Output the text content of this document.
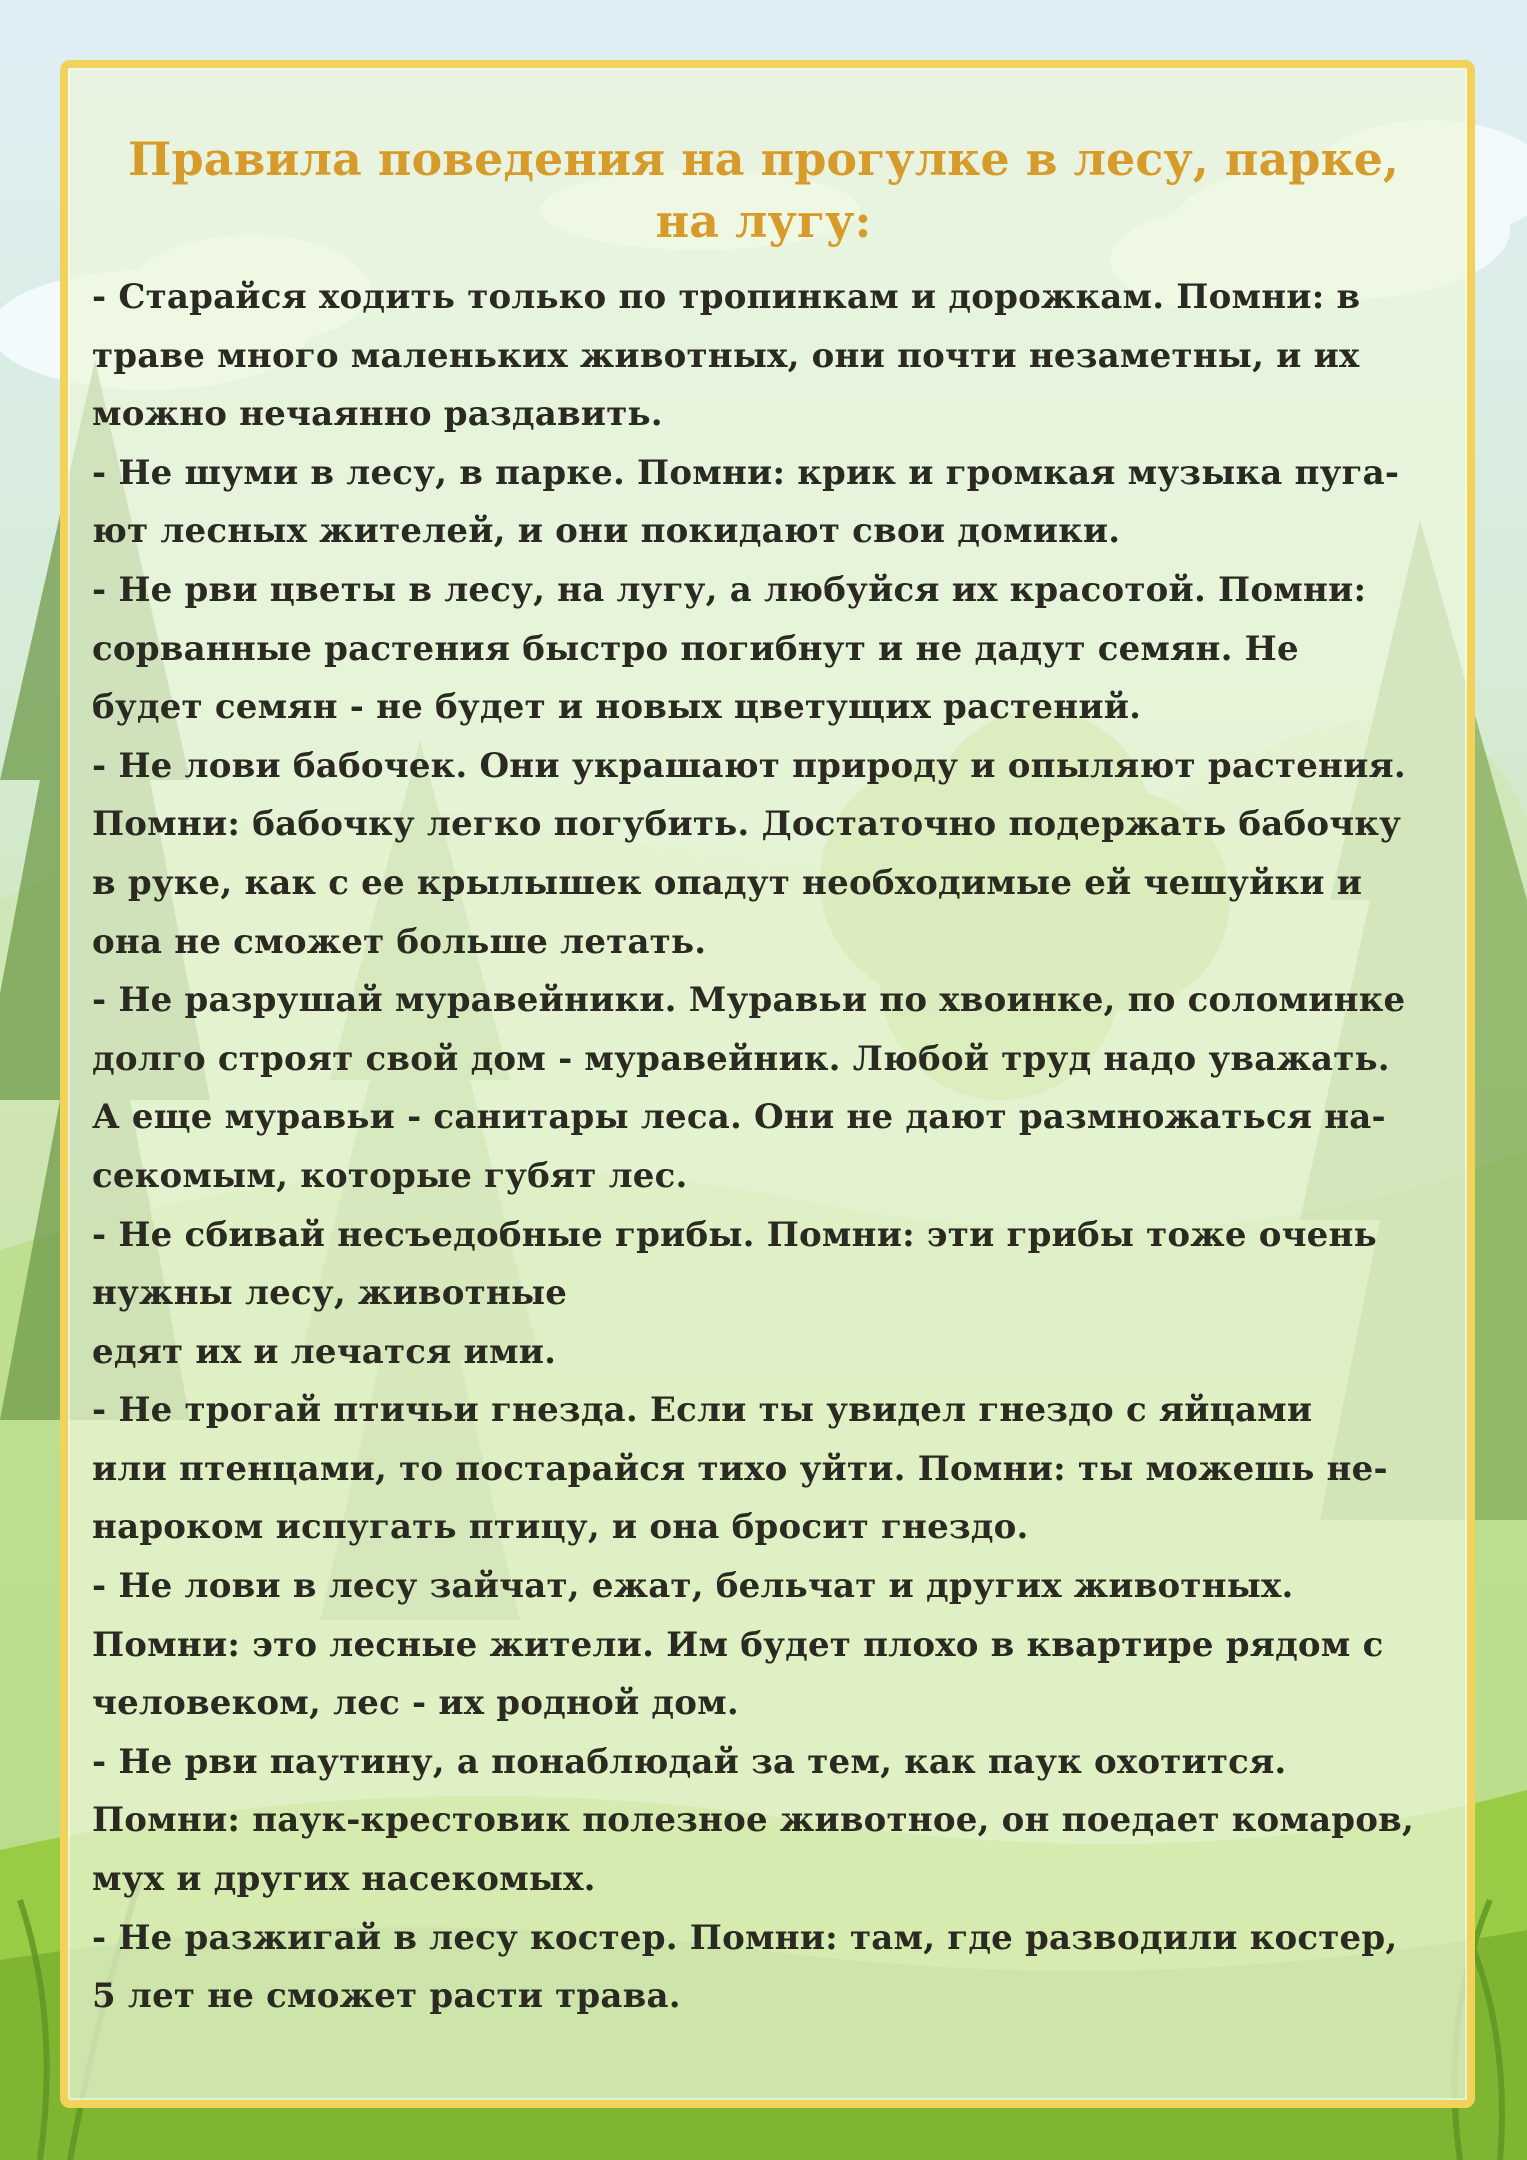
Правила поведения на прогулке в лесу, парке,
на лугу:
- Старайся ходить только по тропинкам и дорожкам. Помни: в
траве много маленьких животных, они почти незаметны, и их
можно нечаянно раздавить.
- Не шуми в лесу, в парке. Помни: крик и громкая музыка пуга-
ют лесных жителей, и они покидают свои домики.
- Не рви цветы в лесу, на лугу, а любуйся их красотой. Помни:
сорванные растения быстро погибнут и не дадут семян. Не
будет семян - не будет и новых цветущих растений.
- Не лови бабочек. Они украшают природу и опыляют растения.
Помни: бабочку легко погубить. Достаточно подержать бабочку
в руке, как с ее крылышек опадут необходимые ей чешуйки и
она не сможет больше летать.
- Не разрушай муравейники. Муравьи по хвоинке, по соломинке
долго строят свой дом - муравейник. Любой труд надо уважать.
А еще муравьи - санитары леса. Они не дают размножаться на-
секомым, которые губят лес.
- Не сбивай несъедобные грибы. Помни: эти грибы тоже очень
нужны лесу, животные
едят их и лечатся ими.
- Не трогай птичьи гнезда. Если ты увидел гнездо с яйцами
или птенцами, то постарайся тихо уйти. Помни: ты можешь не-
нароком испугать птицу, и она бросит гнездо.
- Не лови в лесу зайчат, ежат, бельчат и других животных.
Помни: это лесные жители. Им будет плохо в квартире рядом с
человеком, лес - их родной дом.
- Не рви паутину, а понаблюдай за тем, как паук охотится.
Помни: паук-крестовик полезное животное, он поедает комаров,
мух и других насекомых.
- Не разжигай в лесу костер. Помни: там, где разводили костер,
5 лет не сможет расти трава.
